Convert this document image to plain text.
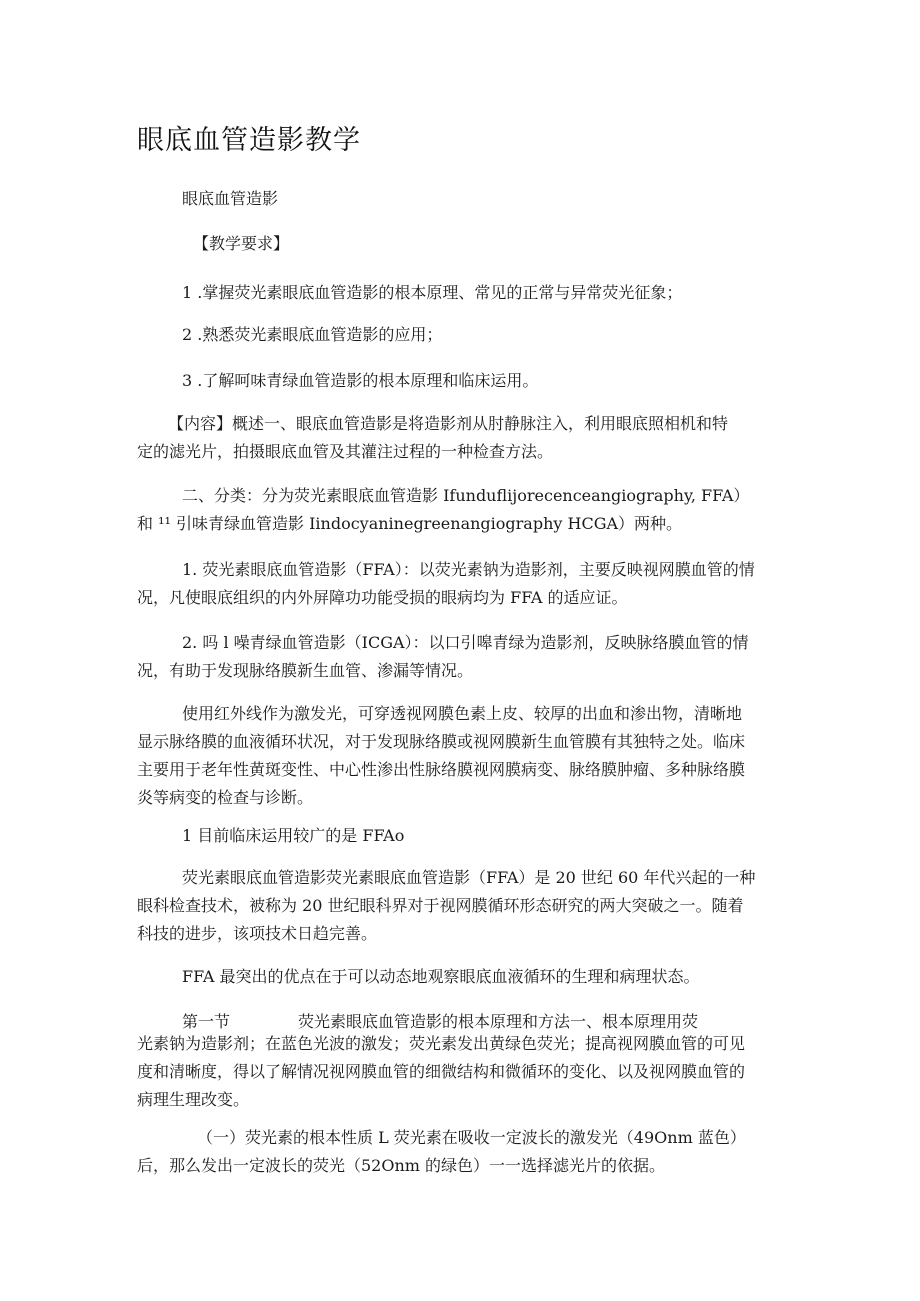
眼底血管造影教学

眼底血管造影

【教学要求】

1 .掌握荧光素眼底血管造影的根本原理、常见的正常与异常荧光征象；

2 .熟悉荧光素眼底血管造影的应用；

3 .了解呵味青绿血管造影的根本原理和临床运用。

【内容】概述一、眼底血管造影是将造影剂从肘静脉注入，利用眼底照相机和特
定的滤光片，拍摄眼底血管及其灌注过程的一种检查方法。
二、分类：分为荧光素眼底血管造影 Ifunduflijorecenceangiography, FFA）
和 ¹¹ 引味青绿血管造影 Iindocyaninegreenangiography HCGA）两种。
1. 荧光素眼底血管造影（FFA）：以荧光素钠为造影剂，主要反映视网膜血管的情
况，凡使眼底组织的内外屏障功功能受损的眼病均为 FFA 的适应证。
2. 吗 l 噪青绿血管造影（ICGA）：以口引嗥青绿为造影剂，反映脉络膜血管的情
况，有助于发现脉络膜新生血管、渗漏等情况。
使用红外线作为激发光，可穿透视网膜色素上皮、较厚的出血和渗出物，清晰地
显示脉络膜的血液循环状况，对于发现脉络膜或视网膜新生血管膜有其独特之处。临床
主要用于老年性黄斑变性、中心性渗出性脉络膜视网膜病变、脉络膜肿瘤、多种脉络膜
炎等病变的检查与诊断。

1 目前临床运用较广的是 FFAo

荧光素眼底血管造影荧光素眼底血管造影（FFA）是 20 世纪 60 年代兴起的一种
眼科检查技术，被称为 20 世纪眼科界对于视网膜循环形态研究的两大突破之一。随着
科技的进步，该项技术日趋完善。

FFA 最突出的优点在于可以动态地观察眼底血液循环的生理和病理状态。

第一节	荧光素眼底血管造影的根本原理和方法一、根本原理用荧

光素钠为造影剂；在蓝色光波的激发；荧光素发出黄绿色荧光；提高视网膜血管的可见
度和清晰度，得以了解情况视网膜血管的细微结构和微循环的变化、以及视网膜血管的
病理生理改变。
（一）荧光素的根本性质 L 荧光素在吸收一定波长的激发光（49Onm 蓝色）
后，那么发出一定波长的荧光（52Onm 的绿色）一一选择滤光片的依据。
